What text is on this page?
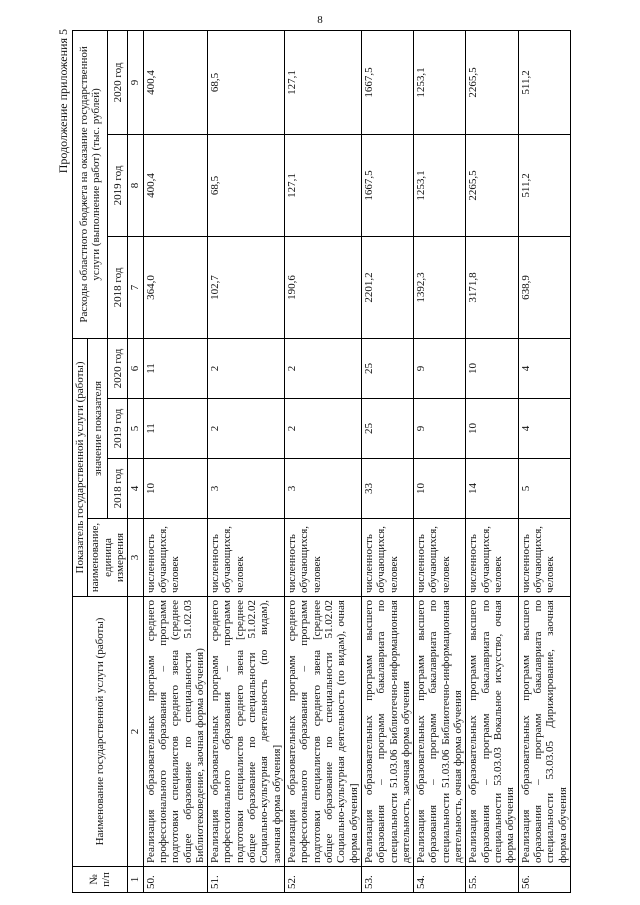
8
Продолжение приложения 5
№ п/п	Наименование государственной услуги (работы)	Показатель государственной услуги (работы)				Расходы областного бюджета на оказание государственной услуги (выполнение работ) (тыс. рублей)		
		наименование, единица измерения	значение показателя					
			2018 год	2019 год	2020 год	2018 год	2019 год	2020 год
1	2	3	4	5	6	7	8	9
50.	Реализация образовательных программ среднего профессионального образования – программ подготовки специалистов среднего звена (среднее общее образование по специальности 51.02.03 Библиотековедение, заочная форма обучения)	численность обучающихся, человек	10	11	11	364,0	400,4	400,4
51.	Реализация образовательных программ среднего профессионального образования – программ подготовки специалистов среднего звена [среднее общее образование по специальности 51.02.02 Социально-культурная деятельность (по видам), заочная форма обучения]	численность обучающихся, человек	3	2	2	102,7	68,5	68,5
52.	Реализация образовательных программ среднего профессионального образования – программ подготовки специалистов среднего звена [среднее общее образование по специальности 51.02.02 Социально-культурная деятельность (по видам), очная форма обучения]	численность обучающихся, человек	3	2	2	190,6	127,1	127,1
53.	Реализация образовательных программ высшего образования – программ бакалавриата по специальности 51.03.06 Библиотечно-информационная деятельность, заочная форма обучения	численность обучающихся, человек	33	25	25	2201,2	1667,5	1667,5
54.	Реализация образовательных программ высшего образования – программ бакалавриата по специальности 51.03.06 Библиотечно-информационная деятельность, очная форма обучения	численность обучающихся, человек	10	9	9	1392,3	1253,1	1253,1
55.	Реализация образовательных программ высшего образования – программ бакалавриата по специальности 53.03.03 Вокальное искусство, очная форма обучения	численность обучающихся, человек	14	10	10	3171,8	2265,5	2265,5
56.	Реализация образовательных программ высшего образования – программ бакалавриата по специальности 53.03.05 Дирижирование, заочная форма обучения	численность обучающихся, человек	5	4	4	638,9	511,2	511,2
